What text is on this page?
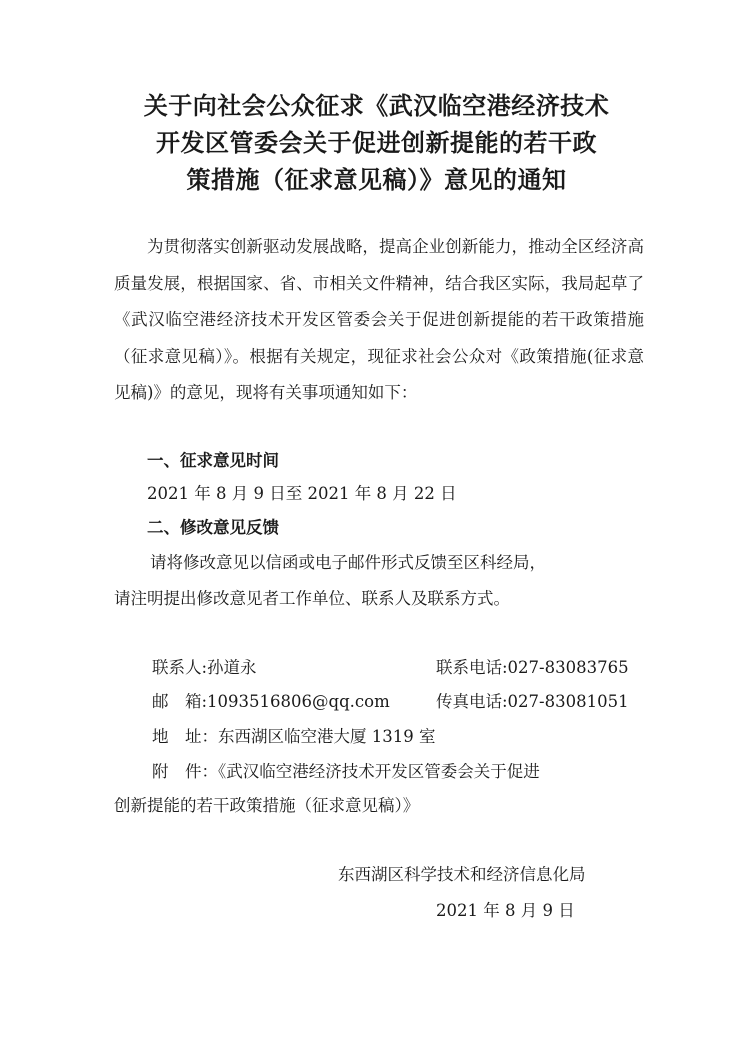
关于向社会公众征求《武汉临空港经济技术
开发区管委会关于促进创新提能的若干政
策措施（征求意见稿）》意见的通知
为贯彻落实创新驱动发展战略，提高企业创新能力，推动全区经济高质量发展，根据国家、省、市相关文件精神，结合我区实际，我局起草了《武汉临空港经济技术开发区管委会关于促进创新提能的若干政策措施（征求意见稿）》。根据有关规定，现征求社会公众对《政策措施(征求意见稿)》的意见，现将有关事项通知如下：
一、征求意见时间
2021 年 8 月 9 日至 2021 年 8 月 22 日
二、修改意见反馈
请将修改意见以信函或电子邮件形式反馈至区科经局，
请注明提出修改意见者工作单位、联系人及联系方式。
联系人:孙道永	联系电话:027-83083765
邮　箱:1093516806@qq.com	传真电话:027-83081051
地　址：东西湖区临空港大厦 1319 室
附　件：《武汉临空港经济技术开发区管委会关于促进
创新提能的若干政策措施（征求意见稿）》
东西湖区科学技术和经济信息化局
2021 年 8 月 9 日
